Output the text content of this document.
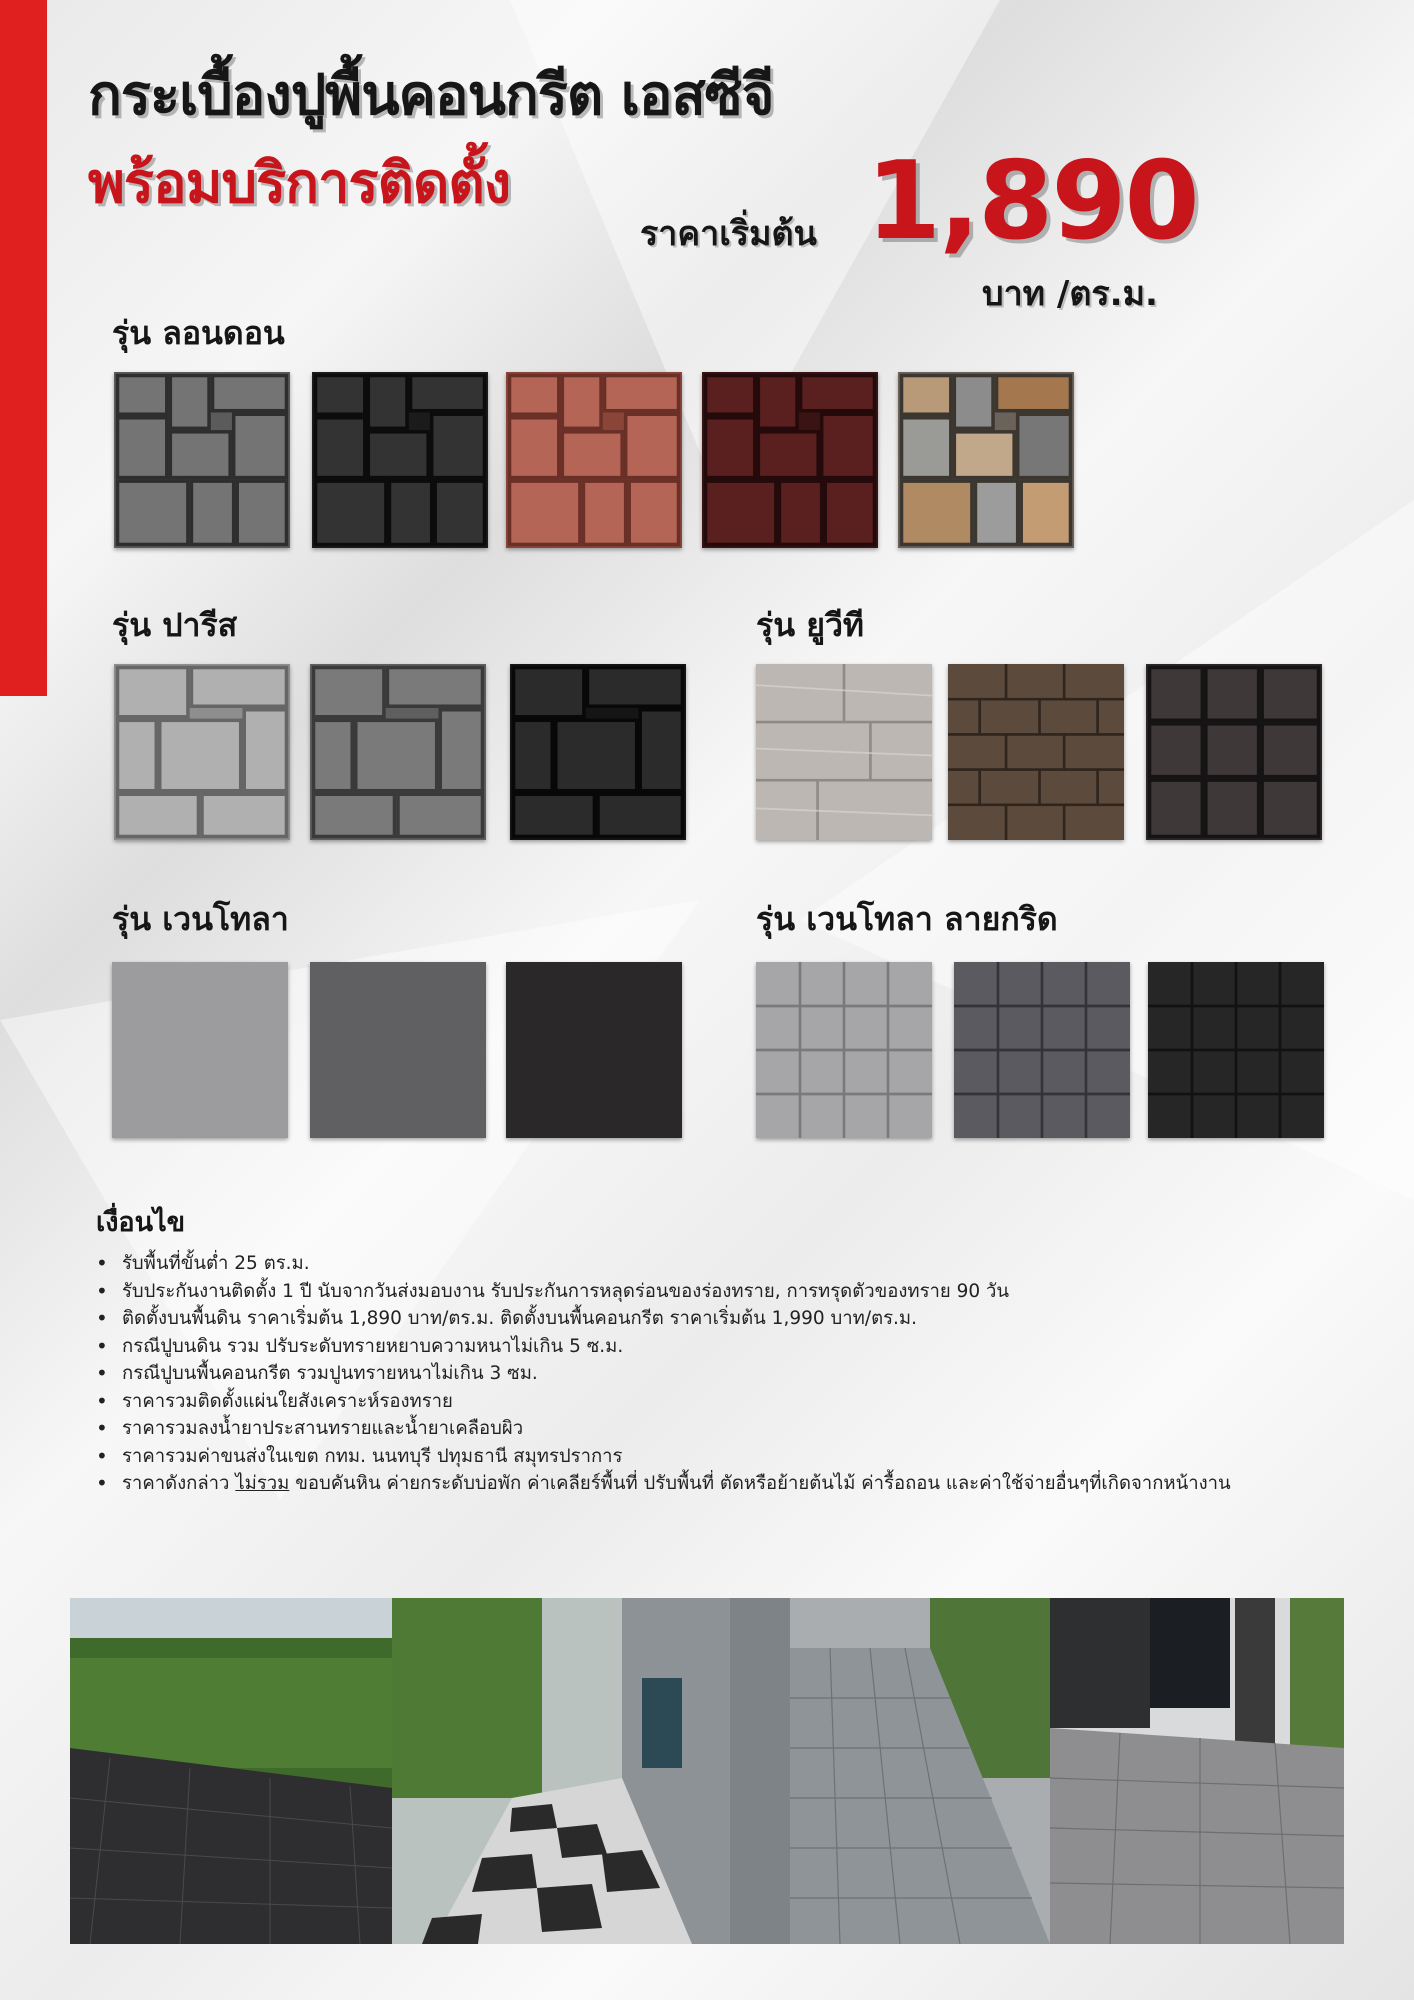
กระเบื้องปูพื้นคอนกรีต เอสซีจี
พร้อมบริการติดตั้ง
ราคาเริ่มต้น 1,890
บาท /ตร.ม.
รุ่น ลอนดอน
รุ่น ปารีส	รุ่น ยูวีที
รุ่น เวนโทลา	รุ่น เวนโทลา ลายกริด
เงื่อนไข
• รับพื้นที่ขั้นต่ำ 25 ตร.ม.
• รับประกันงานติดตั้ง 1 ปี นับจากวันส่งมอบงาน รับประกันการหลุดร่อนของร่องทราย, การทรุดตัวของทราย 90 วัน
• ติดตั้งบนพื้นดิน ราคาเริ่มต้น 1,890 บาท/ตร.ม. ติดตั้งบนพื้นคอนกรีต ราคาเริ่มต้น 1,990 บาท/ตร.ม.
• กรณีปูบนดิน รวม ปรับระดับทรายหยาบความหนาไม่เกิน 5 ซ.ม.
• กรณีปูบนพื้นคอนกรีต รวมปูนทรายหนาไม่เกิน 3 ซม.
• ราคารวมติดตั้งแผ่นใยสังเคราะห์รองทราย
• ราคารวมลงน้ำยาประสานทรายและน้ำยาเคลือบผิว
• ราคารวมค่าขนส่งในเขต กทม. นนทบุรี ปทุมธานี สมุทรปราการ
• ราคาดังกล่าว ไม่รวม ขอบคันหิน ค่ายกระดับบ่อพัก ค่าเคลียร์พื้นที่ ปรับพื้นที่ ตัดหรือย้ายต้นไม้ ค่ารื้อถอน และค่าใช้จ่ายอื่นๆที่เกิดจากหน้างาน
